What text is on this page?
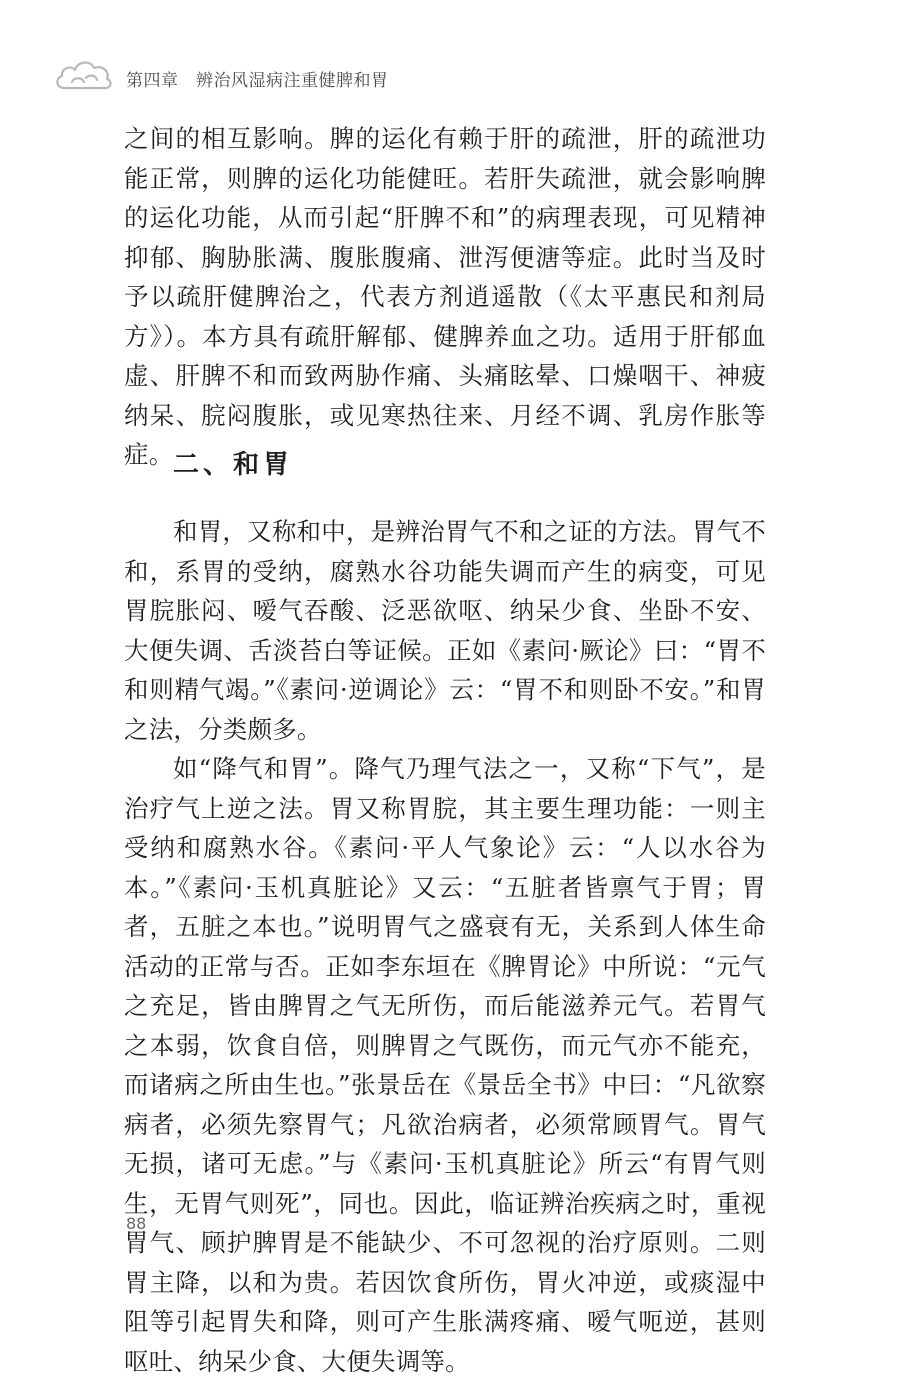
第四章　辨治风湿病注重健脾和胃

之间的相互影响。脾的运化有赖于肝的疏泄，肝的疏泄功能正常，则脾的运化功能健旺。若肝失疏泄，就会影响脾的运化功能，从而引起“肝脾不和”的病理表现，可见精神抑郁、胸胁胀满、腹胀腹痛、泄泻便溏等症。此时当及时予以疏肝健脾治之，代表方剂逍遥散（《太平惠民和剂局方》）。本方具有疏肝解郁、健脾养血之功。适用于肝郁血虚、肝脾不和而致两胁作痛、头痛眩晕、口燥咽干、神疲纳呆、脘闷腹胀，或见寒热往来、月经不调、乳房作胀等症。 二、和胃

和胃，又称和中，是辨治胃气不和之证的方法。胃气不和，系胃的受纳，腐熟水谷功能失调而产生的病变，可见胃脘胀闷、嗳气吞酸、泛恶欲呕、纳呆少食、坐卧不安、大便失调、舌淡苔白等证候。正如《素问·厥论》曰：“胃不和则精气竭。”《素问·逆调论》云：“胃不和则卧不安。”和胃之法，分类颇多。

如“降气和胃”。降气乃理气法之一，又称“下气”，是治疗气上逆之法。胃又称胃脘，其主要生理功能：一则主受纳和腐熟水谷。《素问·平人气象论》云：“人以水谷为本。”《素问·玉机真脏论》又云：“五脏者皆禀气于胃；胃者，五脏之本也。”说明胃气之盛衰有无，关系到人体生命活动的正常与否。正如李东垣在《脾胃论》中所说：“元气之充足，皆由脾胃之气无所伤，而后能滋养元气。若胃气之本弱，饮食自倍，则脾胃之气既伤，而元气亦不能充，而诸病之所由生也。”张景岳在《景岳全书》中曰：“凡欲察病者，必须先察胃气；凡欲治病者，必须常顾胃气。胃气无损，诸可无虑。”与《素问·玉机真脏论》所云“有胃气则生，无胃气则死”，同也。因此，临证辨治疾病之时，重视胃气、顾护脾胃是不能缺少、不可忽视的治疗原则。二则胃主降，以和为贵。若因饮食所伤，胃火冲逆，或痰湿中阻等引起胃失和降，则可产生胀满疼痛、嗳气呃逆，甚则呕吐、纳呆少食、大便失调等。

88
